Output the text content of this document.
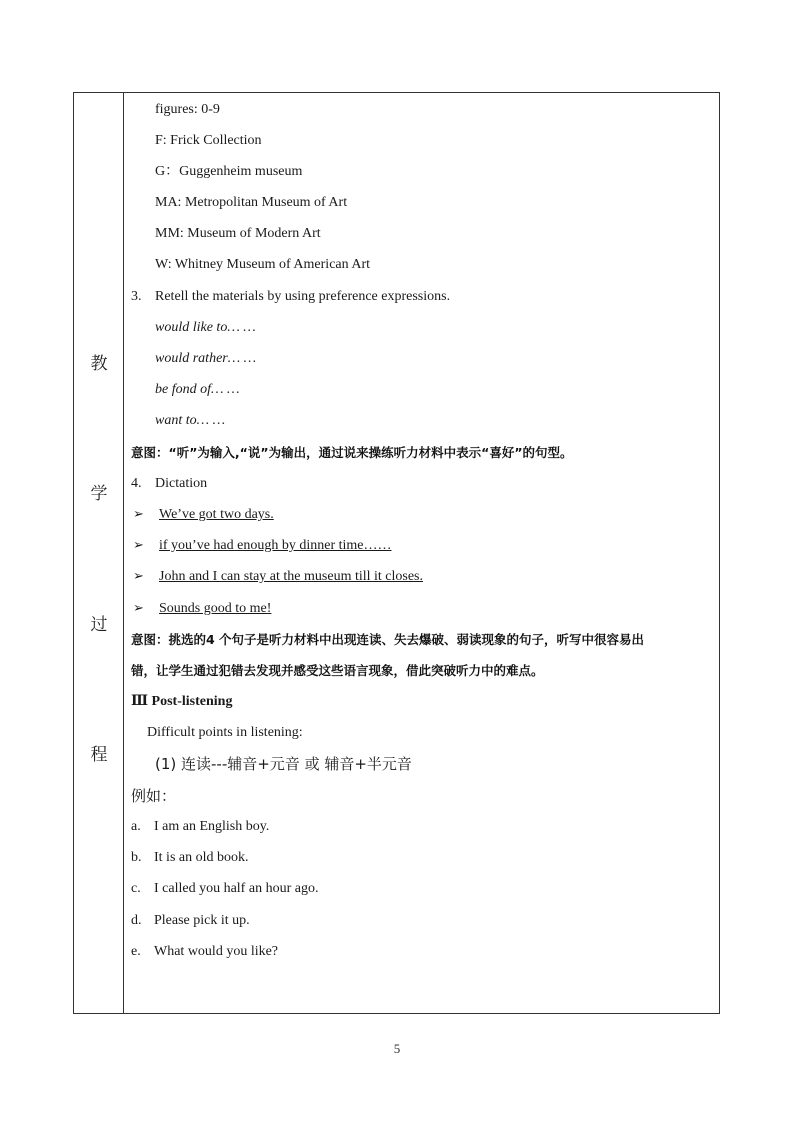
教
学
过
程
figures: 0-9
F: Frick Collection
G：Guggenheim museum
MA: Metropolitan Museum of Art
MM: Museum of Modern Art
W: Whitney Museum of American Art
3. Retell the materials by using preference expressions.
would like to… …
would rather… …
be fond of… …
want to… …
意图：“听”为输入,“说”为输出，通过说来操练听力材料中表示“喜好”的句型。
4. Dictation
➢ We’ve got two days.
➢ if you’ve had enough by dinner time……
➢ John and I can stay at the museum till it closes.
➢ Sounds good to me!
意图：挑选的4 个句子是听力材料中出现连读、失去爆破、弱读现象的句子，听写中很容易出
错，让学生通过犯错去发现并感受这些语言现象，借此突破听力中的难点。
Ⅲ Post-listening
Difficult points in listening:
(1) 连读---辅音+元音 或 辅音+半元音
例如：
a. I am an English boy.
b. It is an old book.
c. I called you half an hour ago.
d. Please pick it up.
e. What would you like?
5
